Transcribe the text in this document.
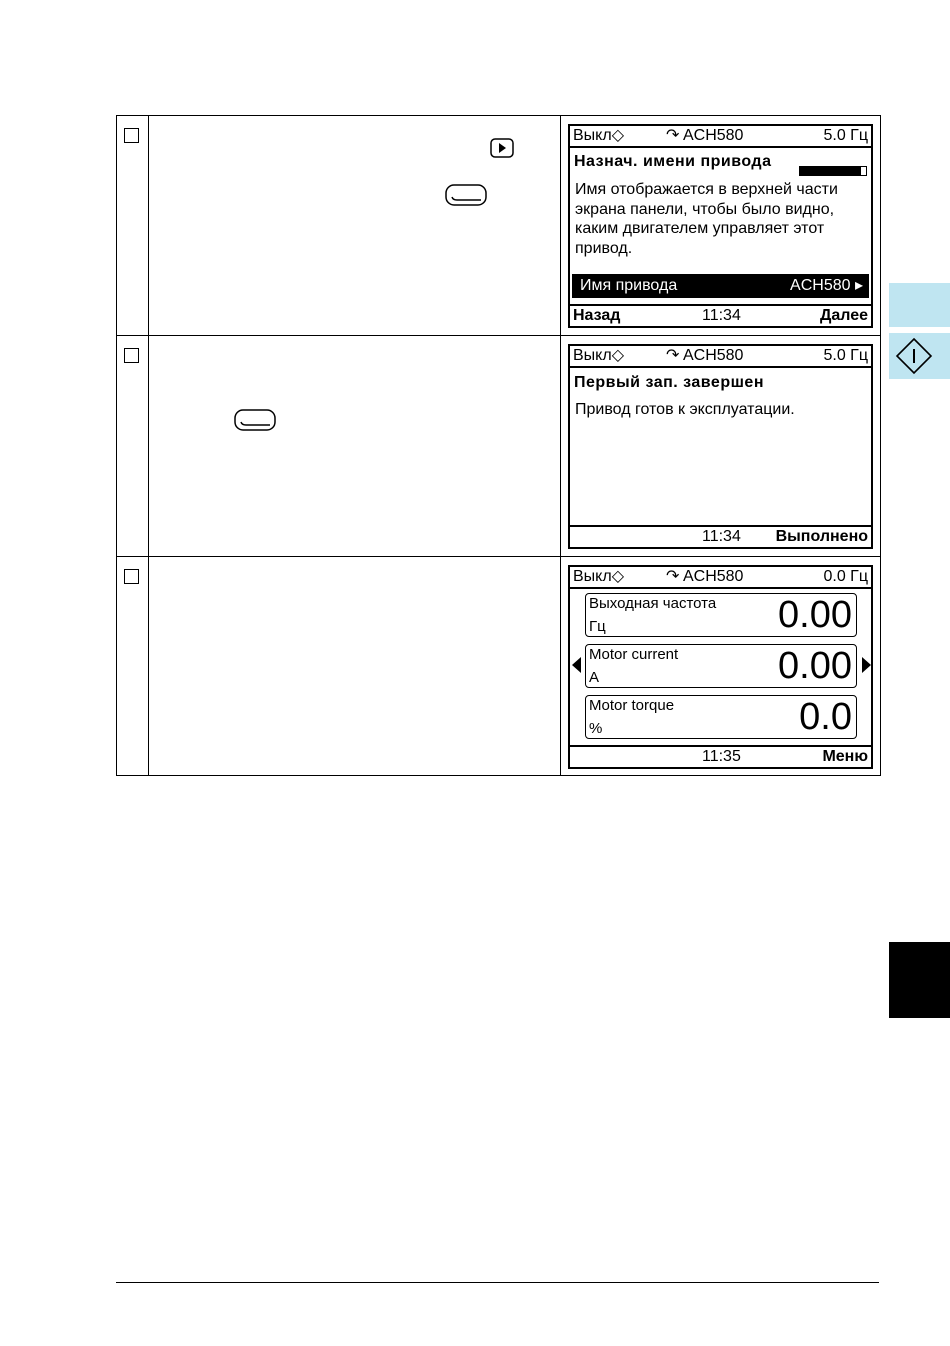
Выкл◇	↷ ACH580	5.0 Гц
Назнач. имени привода
Имя отображается в верхней части экрана панели, чтобы было видно, каким двигателем управляет этот привод.
Имя привода	ACH580 ▸
Назад	11:34	Далее
Выкл◇	↷ ACH580	5.0 Гц
Первый зап. завершен
Привод готов к эксплуатации.
11:34 Выполнено
Выкл◇	↷ ACH580	0.0 Гц
Выходная частота
Гц	0.00
Motor current
A	0.00
Motor torque
%	0.0
11:35	Меню
